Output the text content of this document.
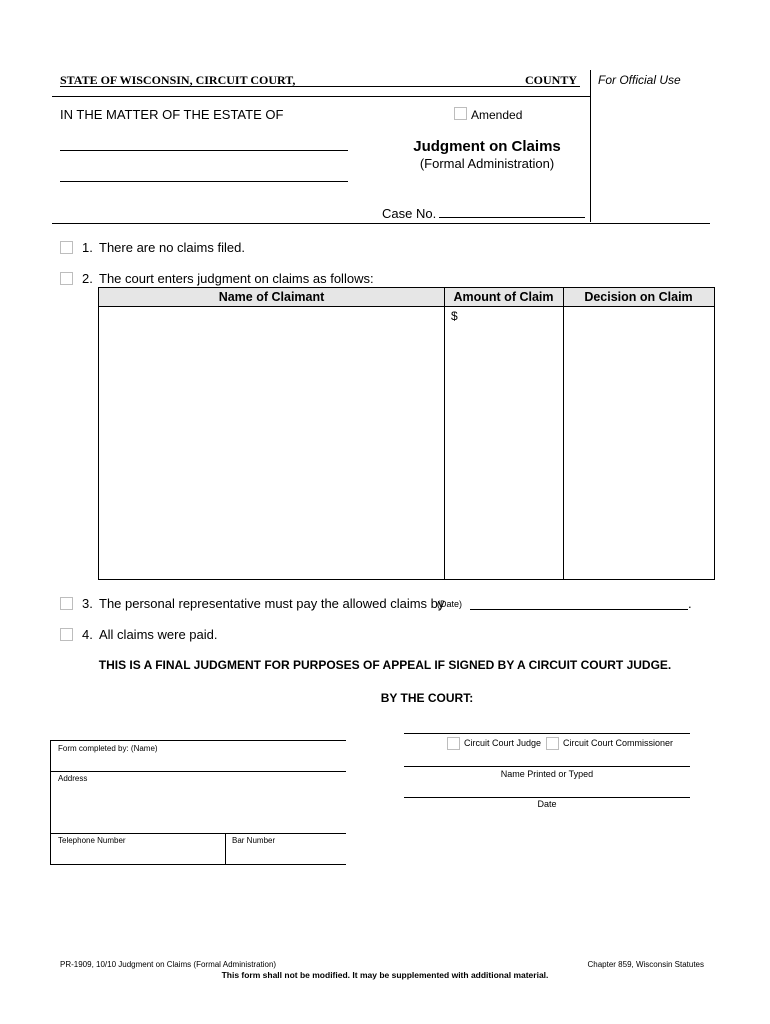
STATE OF WISCONSIN, CIRCUIT COURT,	COUNTY For Official Use
IN THE MATTER OF THE ESTATE OF	Amended
Judgment on Claims
(Formal Administration)
Case No.
1. There are no claims filed.
2. The court enters judgment on claims as follows:
Name of Claimant	Amount of Claim	Decision on Claim
$
3. The personal representative must pay the allowed claims by
(Date)	.
4. All claims were paid.
THIS IS A FINAL JUDGMENT FOR PURPOSES OF APPEAL IF SIGNED BY A CIRCUIT COURT JUDGE.
BY THE COURT:
Circuit Court Judge Circuit Court Commissioner
Name Printed or Typed
Date
Form completed by: (Name)
Address
Telephone Number	Bar Number
PR-1909, 10/10 Judgment on Claims (Formal Administration)	Chapter 859, Wisconsin Statutes
This form shall not be modified. It may be supplemented with additional material.
